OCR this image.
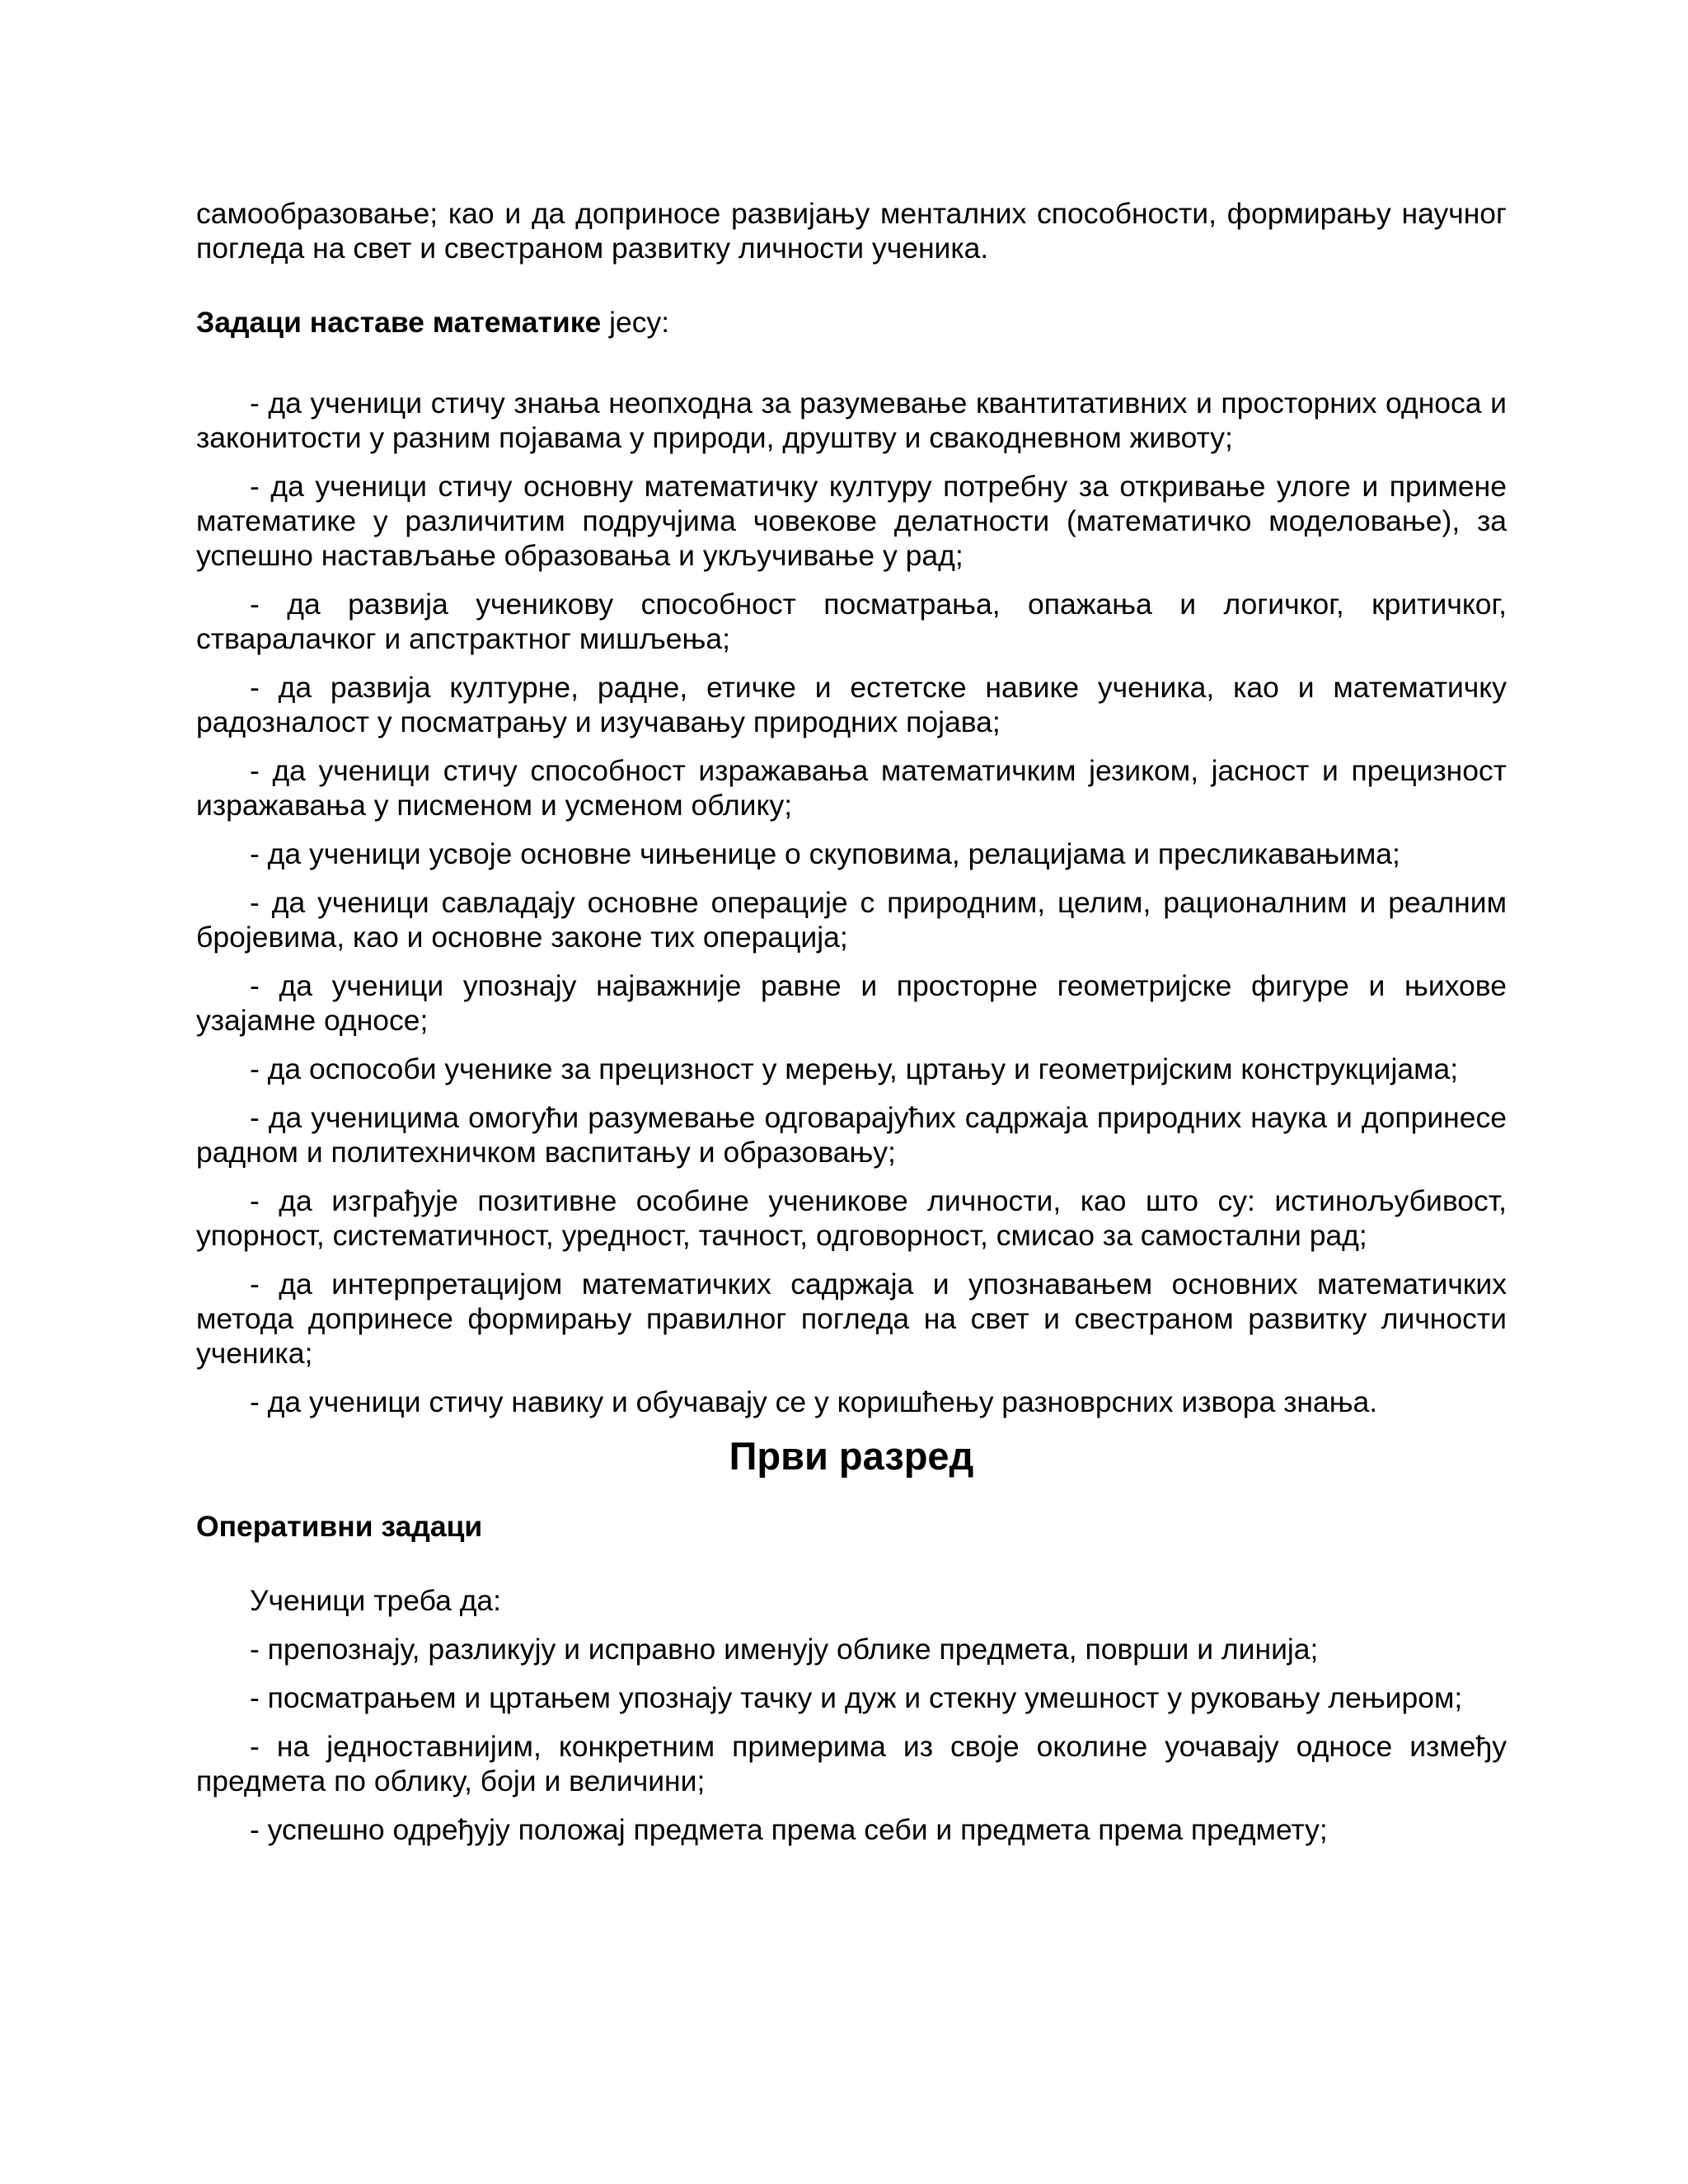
самообразовање; као и да доприносе развијању менталних способности, формирању научног погледа на свет и свестраном развитку личности ученика.

Задаци наставе математике јесу:

- да ученици стичу знања неопходна за разумевање квантитативних и просторних односа и законитости у разним појавама у природи, друштву и свакодневном животу;

- да ученици стичу основну математичку културу потребну за откривање улоге и примене математике у различитим подручјима човекове делатности (математичко моделовање), за успешно настављање образовања и укључивање у рад;

- да развија ученикову способност посматрања, опажања и логичког, критичког, стваралачког и апстрактног мишљења;

- да развија културне, радне, етичке и естетске навике ученика, као и математичку радозналост у посматрању и изучавању природних појава;

- да ученици стичу способност изражавања математичким језиком, јасност и прецизност изражавања у писменом и усменом облику;

- да ученици усвоје основне чињенице о скуповима, релацијама и пресликавањима;

- да ученици савладају основне операције с природним, целим, рационалним и реалним бројевима, као и основне законе тих операција;

- да ученици упознају најважније равне и просторне геометријске фигуре и њихове узајамне односе;

- да оспособи ученике за прецизност у мерењу, цртању и геометријским конструкцијама;

- да ученицима омогући разумевање одговарајућих садржаја природних наука и допринесе радном и политехничком васпитању и образовању;

- да изграђује позитивне особине ученикове личности, као што су: истинољубивост, упорност, систематичност, уредност, тачност, одговорност, смисао за самостални рад;

- да интерпретацијом математичких садржаја и упознавањем основних математичких метода допринесе формирању правилног погледа на свет и свестраном развитку личности ученика;

- да ученици стичу навику и обучавају се у коришћењу разноврсних извора знања.

Први разред

Оперативни задаци

Ученици треба да:

- препознају, разликују и исправно именују облике предмета, површи и линија;

- посматрањем и цртањем упознају тачку и дуж и стекну умешност у руковању лењиром;

- на једноставнијим, конкретним примерима из своје околине уочавају односе између предмета по облику, боји и величини;

- успешно одређују положај предмета према себи и предмета према предмету;
